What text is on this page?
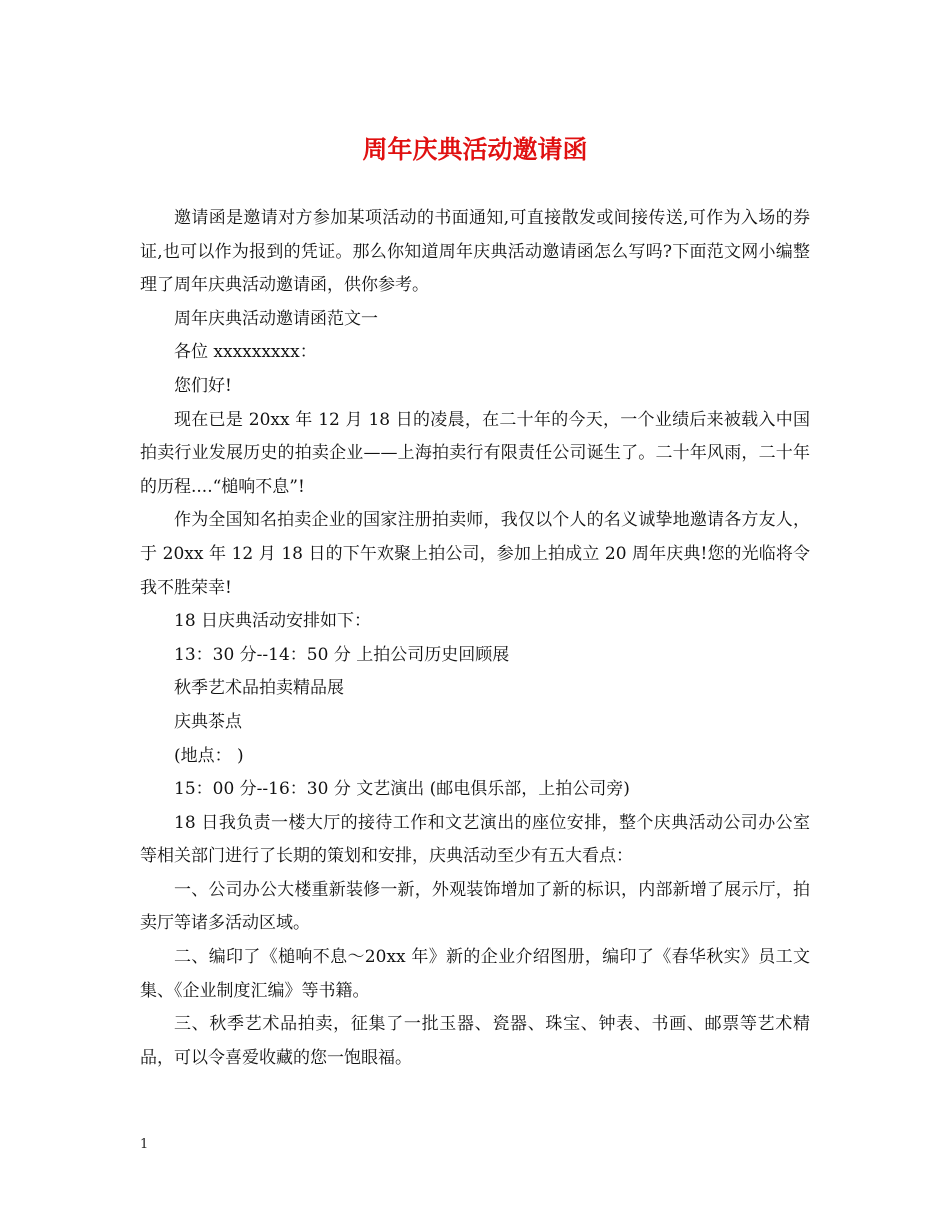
周年庆典活动邀请函

邀请函是邀请对方参加某项活动的书面通知,可直接散发或间接传送,可作为入场的券证,也可以作为报到的凭证。那么你知道周年庆典活动邀请函怎么写吗?下面范文网小编整理了周年庆典活动邀请函，供你参考。

周年庆典活动邀请函范文一

各位 xxxxxxxxx：

您们好!

现在已是 20xx 年 12 月 18 日的凌晨，在二十年的今天，一个业绩后来被载入中国拍卖行业发展历史的拍卖企业——上海拍卖行有限责任公司诞生了。二十年风雨，二十年的历程....“槌响不息”!

作为全国知名拍卖企业的国家注册拍卖师，我仅以个人的名义诚挚地邀请各方友人，于 20xx 年 12 月 18 日的下午欢聚上拍公司，参加上拍成立 20 周年庆典!您的光临将令我不胜荣幸!

18 日庆典活动安排如下：

13：30 分--14：50 分 上拍公司历史回顾展

秋季艺术品拍卖精品展

庆典茶点

(地点： )

15：00 分--16：30 分 文艺演出 (邮电俱乐部，上拍公司旁)

18 日我负责一楼大厅的接待工作和文艺演出的座位安排，整个庆典活动公司办公室等相关部门进行了长期的策划和安排，庆典活动至少有五大看点：

一、公司办公大楼重新装修一新，外观装饰增加了新的标识，内部新增了展示厅，拍卖厅等诸多活动区域。

二、编印了《槌响不息～20xx 年》新的企业介绍图册，编印了《春华秋实》员工文集、《企业制度汇编》等书籍。

三、秋季艺术品拍卖，征集了一批玉器、瓷器、珠宝、钟表、书画、邮票等艺术精品，可以令喜爱收藏的您一饱眼福。

1
